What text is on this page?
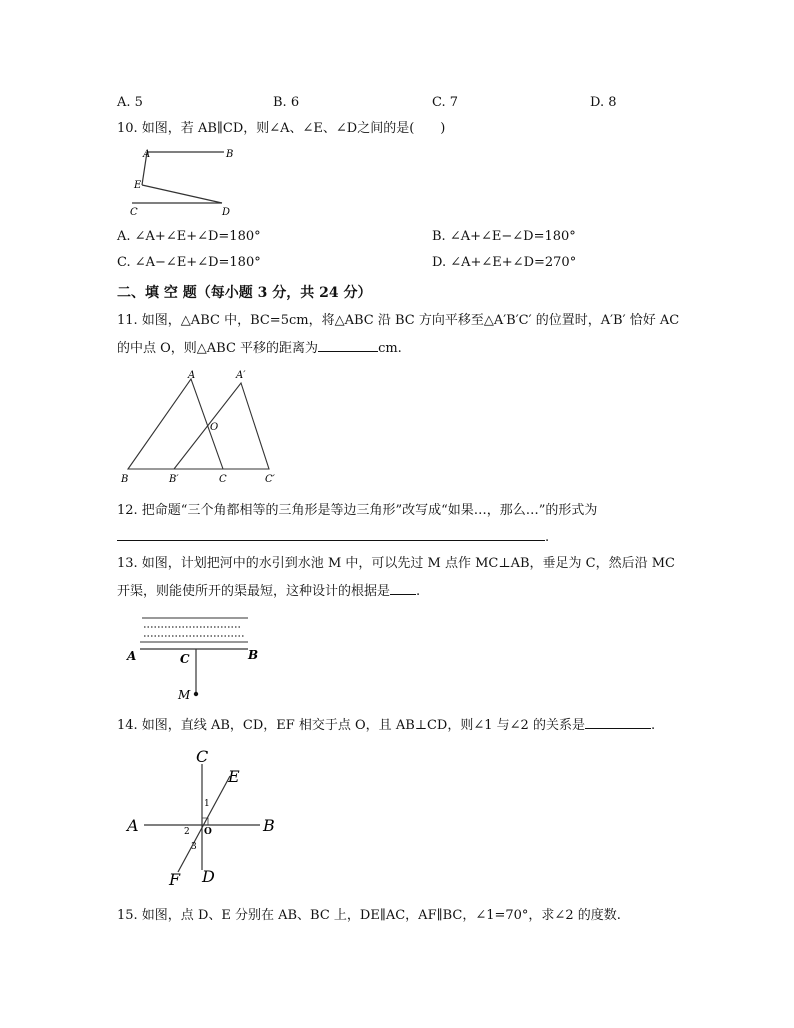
A. 5	B. 6	C. 7	D. 8
10. 如图，若 AB∥CD，则∠A、∠E、∠D之间的是(　　)
A	B
E
C	D
A. ∠A+∠E+∠D=180°	B. ∠A+∠E−∠D=180°
C. ∠A−∠E+∠D=180°	D. ∠A+∠E+∠D=270°
二、填 空 题（每小题 3 分，共 24 分）
11. 如图，△ABC 中，BC=5cm，将△ABC 沿 BC 方向平移至△A′B′C′ 的位置时，A′B′ 恰好 AC
的中点 O，则△ABC 平移的距离为	cm.
A	A′
O
B	B′	C	C′
12. 把命题“三个角都相等的三角形是等边三角形”改写成“如果…，那么…”的形式为
.
13. 如图，计划把河中的水引到水池 M 中，可以先过 M 点作 MC⊥AB，垂足为 C，然后沿 MC
开渠，则能使所开的渠最短，这种设计的根据是 .
A	B
C
M
14. 如图，直线 AB，CD，EF 相交于点 O，且 AB⊥CD，则∠1 与∠2 的关系是	.
C
E
A	B
F D
O
1
2
3
15. 如图，点 D、E 分别在 AB、BC 上，DE∥AC，AF∥BC，∠1=70°，求∠2 的度数.
